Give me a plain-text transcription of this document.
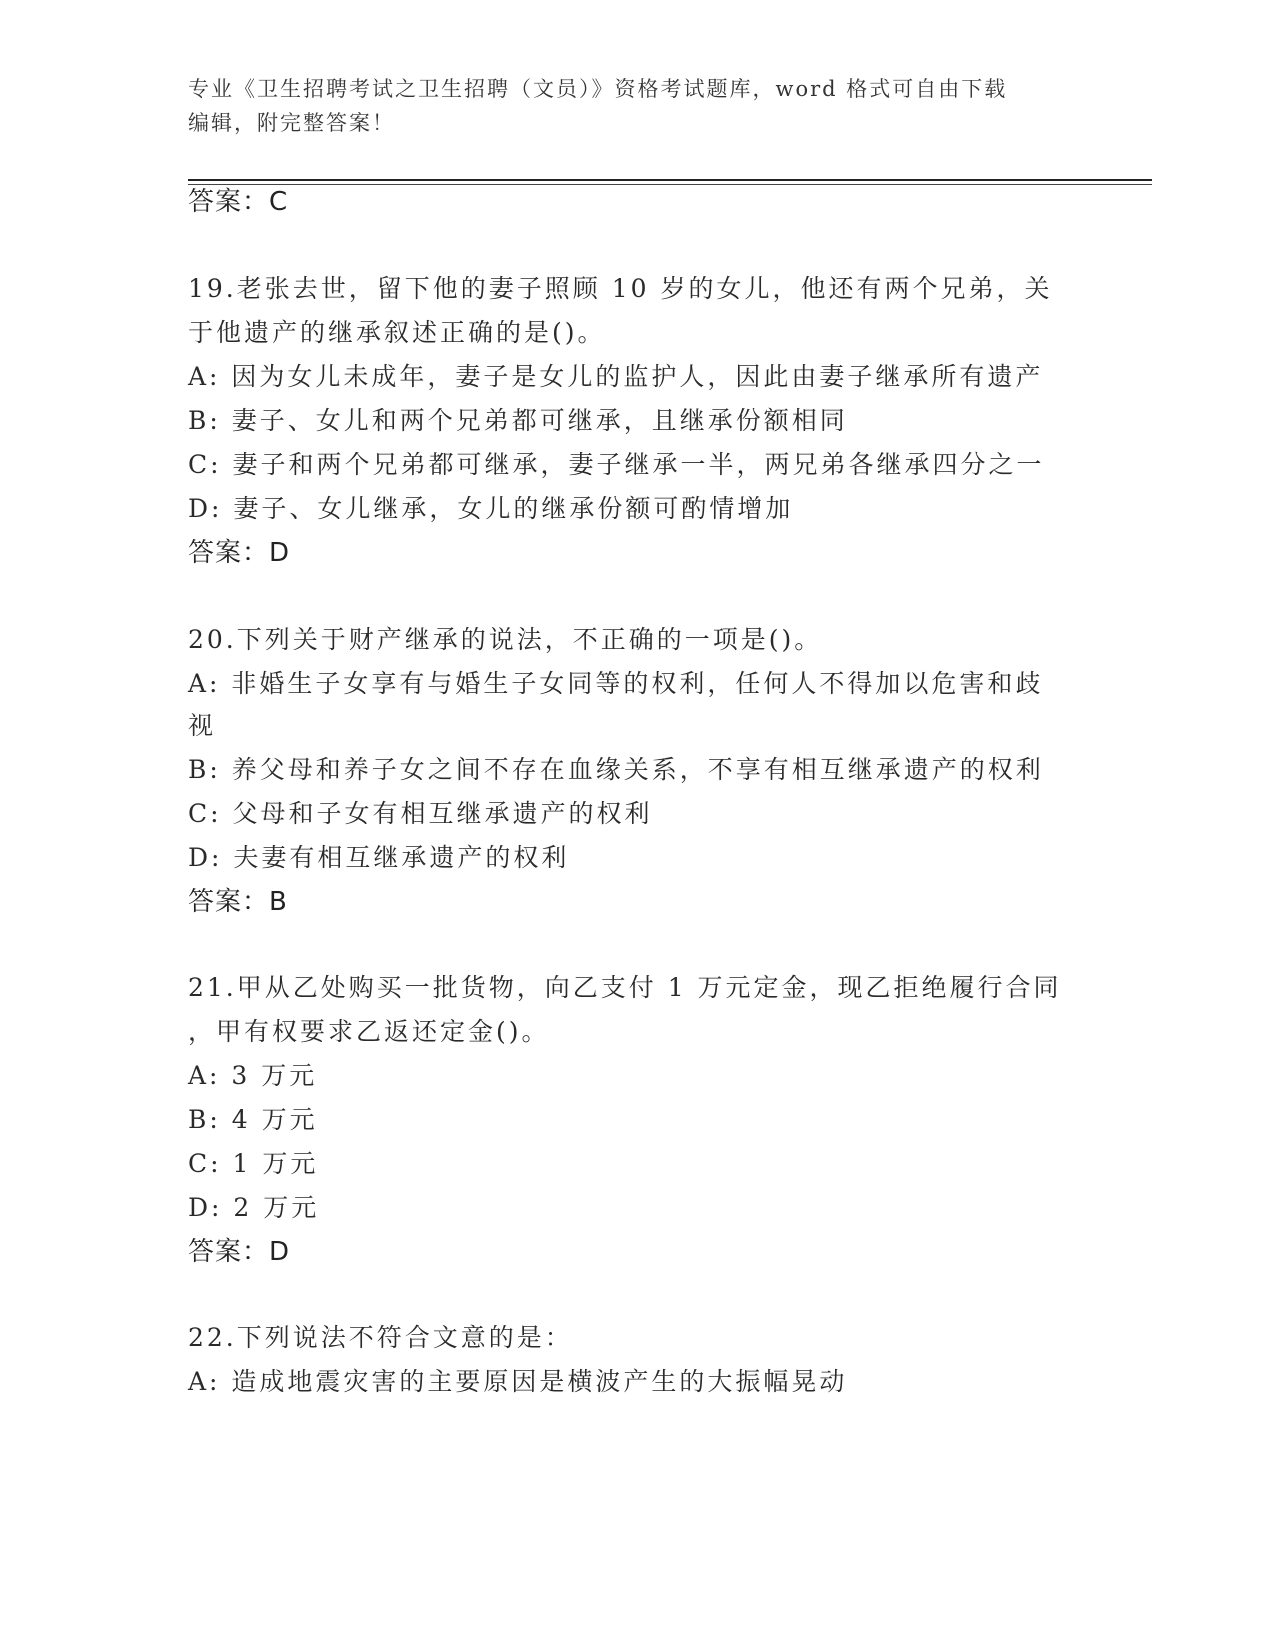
专业《卫生招聘考试之卫生招聘（文员）》资格考试题库，word 格式可自由下载
编辑，附完整答案！
答案：C
19.老张去世，留下他的妻子照顾 10 岁的女儿，他还有两个兄弟，关
于他遗产的继承叙述正确的是()。
A: 因为女儿未成年，妻子是女儿的监护人，因此由妻子继承所有遗产
B: 妻子、女儿和两个兄弟都可继承，且继承份额相同
C: 妻子和两个兄弟都可继承，妻子继承一半，两兄弟各继承四分之一
D: 妻子、女儿继承，女儿的继承份额可酌情增加
答案：D
20.下列关于财产继承的说法，不正确的一项是()。
A: 非婚生子女享有与婚生子女同等的权利，任何人不得加以危害和歧
视
B: 养父母和养子女之间不存在血缘关系，不享有相互继承遗产的权利
C: 父母和子女有相互继承遗产的权利
D: 夫妻有相互继承遗产的权利
答案：B
21.甲从乙处购买一批货物，向乙支付 1 万元定金，现乙拒绝履行合同
，甲有权要求乙返还定金()。
A: 3 万元
B: 4 万元
C: 1 万元
D: 2 万元
答案：D
22.下列说法不符合文意的是：
A: 造成地震灾害的主要原因是横波产生的大振幅晃动
